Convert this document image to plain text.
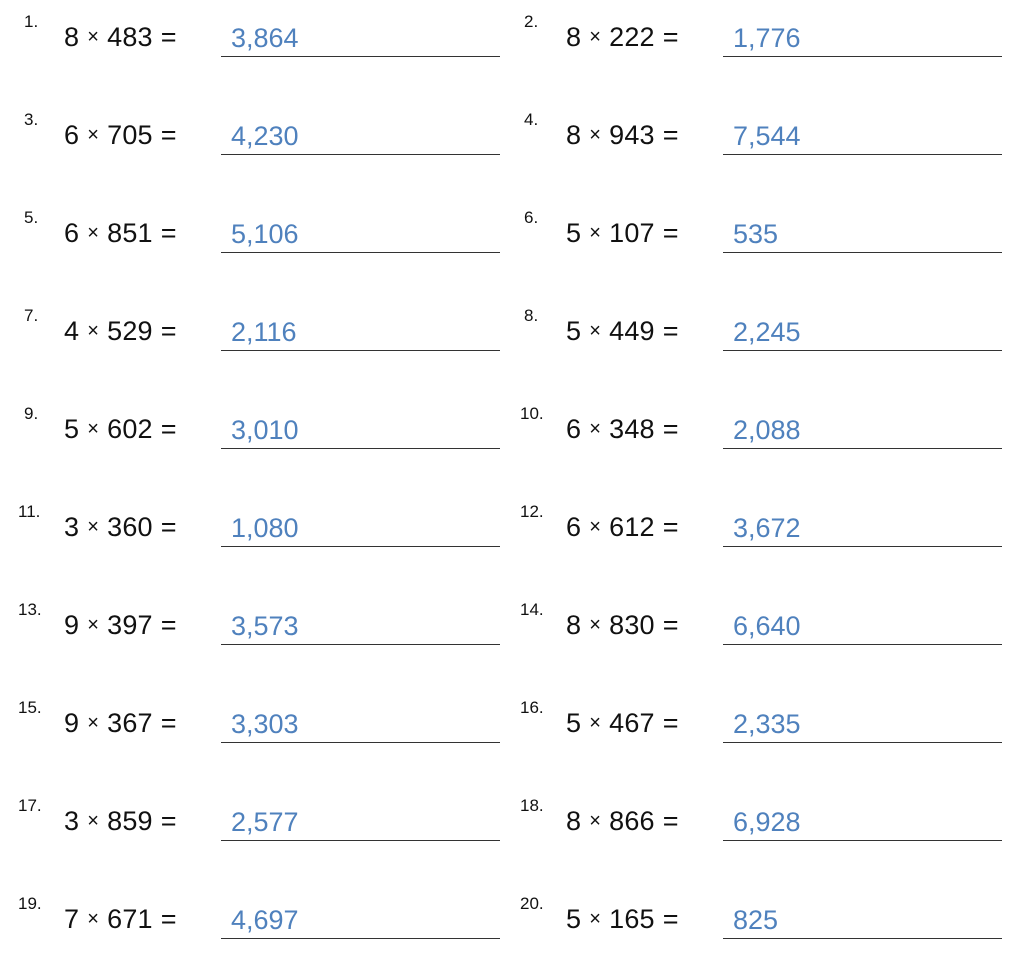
1.
8 × 483 = 3,864
2.
8 × 222 = 1,776
3.
6 × 705 = 4,230
4.
8 × 943 = 7,544
5.
6 × 851 = 5,106
6.
5 × 107 = 535
7.
4 × 529 = 2,116
8.
5 × 449 = 2,245
9.
5 × 602 = 3,010
10.
6 × 348 = 2,088
11.
3 × 360 = 1,080
12.
6 × 612 = 3,672
13.
9 × 397 = 3,573
14.
8 × 830 = 6,640
15.
9 × 367 = 3,303
16.
5 × 467 = 2,335
17.
3 × 859 = 2,577
18.
8 × 866 = 6,928
19.
7 × 671 = 4,697
20.
5 × 165 = 825
